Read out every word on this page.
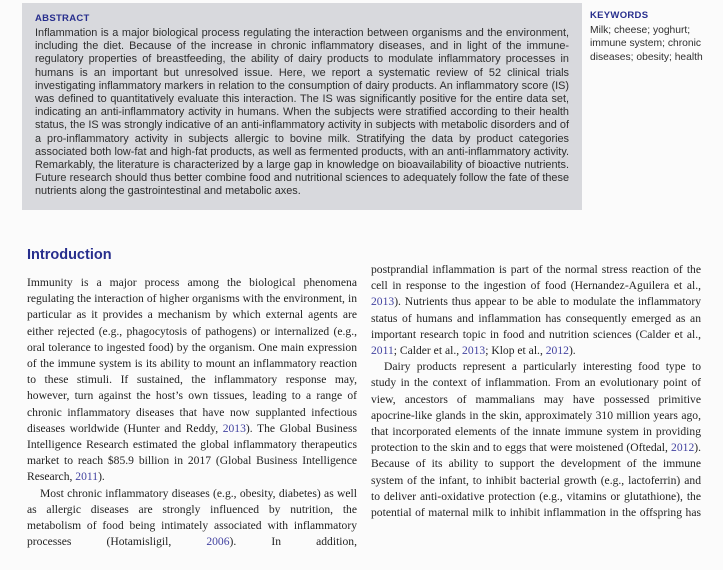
ABSTRACT

Inflammation is a major biological process regulating the interaction between organisms and the environment, including the diet. Because of the increase in chronic inflammatory diseases, and in light of the immune-regulatory properties of breastfeeding, the ability of dairy products to modulate inflammatory processes in humans is an important but unresolved issue. Here, we report a systematic review of 52 clinical trials investigating inflammatory markers in relation to the consumption of dairy products. An inflammatory score (IS) was defined to quantitatively evaluate this interaction. The IS was significantly positive for the entire data set, indicating an anti-inflammatory activity in humans. When the subjects were stratified according to their health status, the IS was strongly indicative of an anti-inflammatory activity in subjects with metabolic disorders and of a pro-inflammatory activity in subjects allergic to bovine milk. Stratifying the data by product categories associated both low-fat and high-fat products, as well as fermented products, with an anti-inflammatory activity. Remarkably, the literature is characterized by a large gap in knowledge on bioavailability of bioactive nutrients. Future research should thus better combine food and nutritional sciences to adequately follow the fate of these nutrients along the gastrointestinal and metabolic axes.

KEYWORDS
Milk; cheese; yoghurt; immune system; chronic diseases; obesity; health
Introduction

Immunity is a major process among the biological phenomena regulating the interaction of higher organisms with the environment, in particular as it provides a mechanism by which external agents are either rejected (e.g., phagocytosis of pathogens) or internalized (e.g., oral tolerance to ingested food) by the organism. One main expression of the immune system is its ability to mount an inflammatory reaction to these stimuli. If sustained, the inflammatory response may, however, turn against the host’s own tissues, leading to a range of chronic inflammatory diseases that have now supplanted infectious diseases worldwide (Hunter and Reddy, 2013). The Global Business Intelligence Research estimated the global inflammatory therapeutics market to reach $85.9 billion in 2017 (Global Business Intelligence Research, 2011).

Most chronic inflammatory diseases (e.g., obesity, diabetes) as well as allergic diseases are strongly influenced by nutrition, the metabolism of food being intimately associated with inflammatory processes (Hotamisligil, 2006). In addition,

postprandial inflammation is part of the normal stress reaction of the cell in response to the ingestion of food (Hernandez-Aguilera et al., 2013). Nutrients thus appear to be able to modulate the inflammatory status of humans and inflammation has consequently emerged as an important research topic in food and nutrition sciences (Calder et al., 2011; Calder et al., 2013; Klop et al., 2012).

Dairy products represent a particularly interesting food type to study in the context of inflammation. From an evolutionary point of view, ancestors of mammalians may have possessed primitive apocrine-like glands in the skin, approximately 310 million years ago, that incorporated elements of the innate immune system in providing protection to the skin and to eggs that were moistened (Oftedal, 2012). Because of its ability to support the development of the immune system of the infant, to inhibit bacterial growth (e.g., lactoferrin) and to deliver anti-oxidative protection (e.g., vitamins or glutathione), the potential of maternal milk to inhibit inflammation in the offspring has
